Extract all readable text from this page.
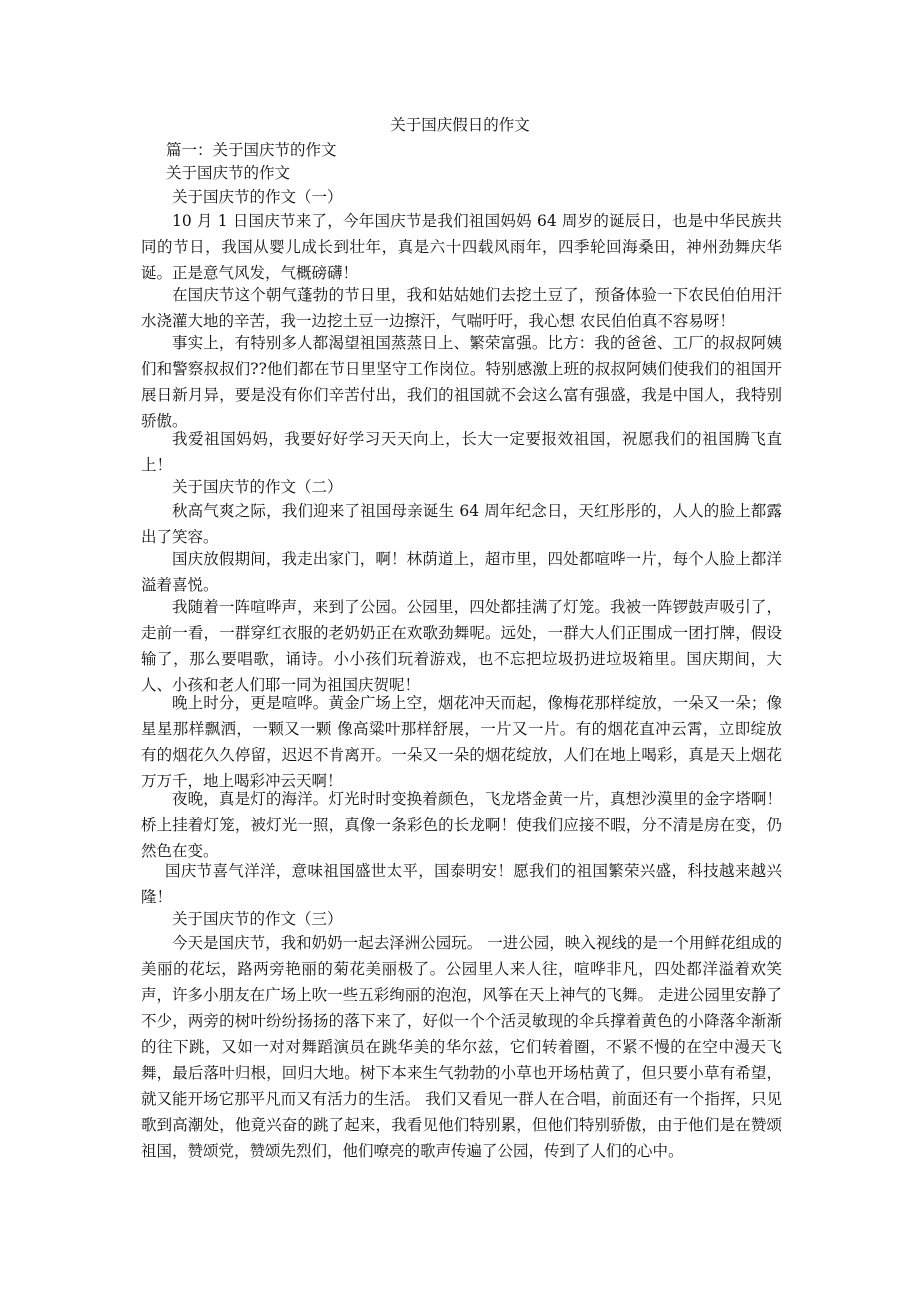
关于国庆假日的作文
篇一：关于国庆节的作文
关于国庆节的作文
关于国庆节的作文（一）
10 月 1 日国庆节来了，今年国庆节是我们祖国妈妈 64 周岁的诞辰日，也是中华民族共同的节日，我国从婴儿成长到壮年，真是六十四载风雨年，四季轮回海桑田，神州劲舞庆华诞。正是意气风发，气概磅礴！
在国庆节这个朝气蓬勃的节日里，我和姑姑她们去挖土豆了，预备体验一下农民伯伯用汗水浇灌大地的辛苦，我一边挖土豆一边擦汗，气喘吁吁，我心想 农民伯伯真不容易呀！
事实上，有特别多人都渴望祖国蒸蒸日上、繁荣富强。比方：我的爸爸、工厂的叔叔阿姨们和警察叔叔们??他们都在节日里坚守工作岗位。特别感激上班的叔叔阿姨们使我们的祖国开展日新月异，要是没有你们辛苦付出，我们的祖国就不会这么富有强盛，我是中国人，我特别骄傲。
我爱祖国妈妈，我要好好学习天天向上，长大一定要报效祖国，祝愿我们的祖国腾飞直上！
关于国庆节的作文（二）
秋高气爽之际，我们迎来了祖国母亲诞生 64 周年纪念日，天红彤彤的，人人的脸上都露出了笑容。
国庆放假期间，我走出家门，啊！林荫道上，超市里，四处都喧哗一片，每个人脸上都洋溢着喜悦。
我随着一阵喧哗声，来到了公园。公园里，四处都挂满了灯笼。我被一阵锣鼓声吸引了，走前一看，一群穿红衣服的老奶奶正在欢歌劲舞呢。远处，一群大人们正围成一团打牌，假设输了，那么要唱歌，诵诗。小小孩们玩着游戏，也不忘把垃圾扔进垃圾箱里。国庆期间，大人、小孩和老人们耶一同为祖国庆贺呢！
晚上时分，更是喧哗。黄金广场上空，烟花冲天而起，像梅花那样绽放，一朵又一朵；像星星那样飘洒，一颗又一颗 像高粱叶那样舒展，一片又一片。有的烟花直冲云霄，立即绽放 有的烟花久久停留，迟迟不肯离开。一朵又一朵的烟花绽放，人们在地上喝彩，真是天上烟花万万千，地上喝彩冲云天啊！
夜晚，真是灯的海洋。灯光时时变换着颜色，飞龙塔金黄一片，真想沙漠里的金字塔啊！桥上挂着灯笼，被灯光一照，真像一条彩色的长龙啊！使我们应接不暇，分不清是房在变，仍然色在变。
国庆节喜气洋洋，意味祖国盛世太平，国泰明安！愿我们的祖国繁荣兴盛，科技越来越兴隆！
关于国庆节的作文（三）
今天是国庆节，我和奶奶一起去泽洲公园玩。 一进公园，映入视线的是一个用鲜花组成的美丽的花坛，路两旁艳丽的菊花美丽极了。公园里人来人往，喧哗非凡，四处都洋溢着欢笑声，许多小朋友在广场上吹一些五彩绚丽的泡泡，风筝在天上神气的飞舞。 走进公园里安静了不少，两旁的树叶纷纷扬扬的落下来了，好似一个个活灵敏现的伞兵撑着黄色的小降落伞渐渐的往下跳，又如一对对舞蹈演员在跳华美的华尔兹，它们转着圈，不紧不慢的在空中漫天飞舞，最后落叶归根，回归大地。树下本来生气勃勃的小草也开场枯黄了，但只要小草有希望，就又能开场它那平凡而又有活力的生活。 我们又看见一群人在合唱，前面还有一个指挥，只见歌到高潮处，他竟兴奋的跳了起来，我看见他们特别累，但他们特别骄傲，由于他们是在赞颂祖国，赞颂党，赞颂先烈们，他们嘹亮的歌声传遍了公园，传到了人们的心中。
